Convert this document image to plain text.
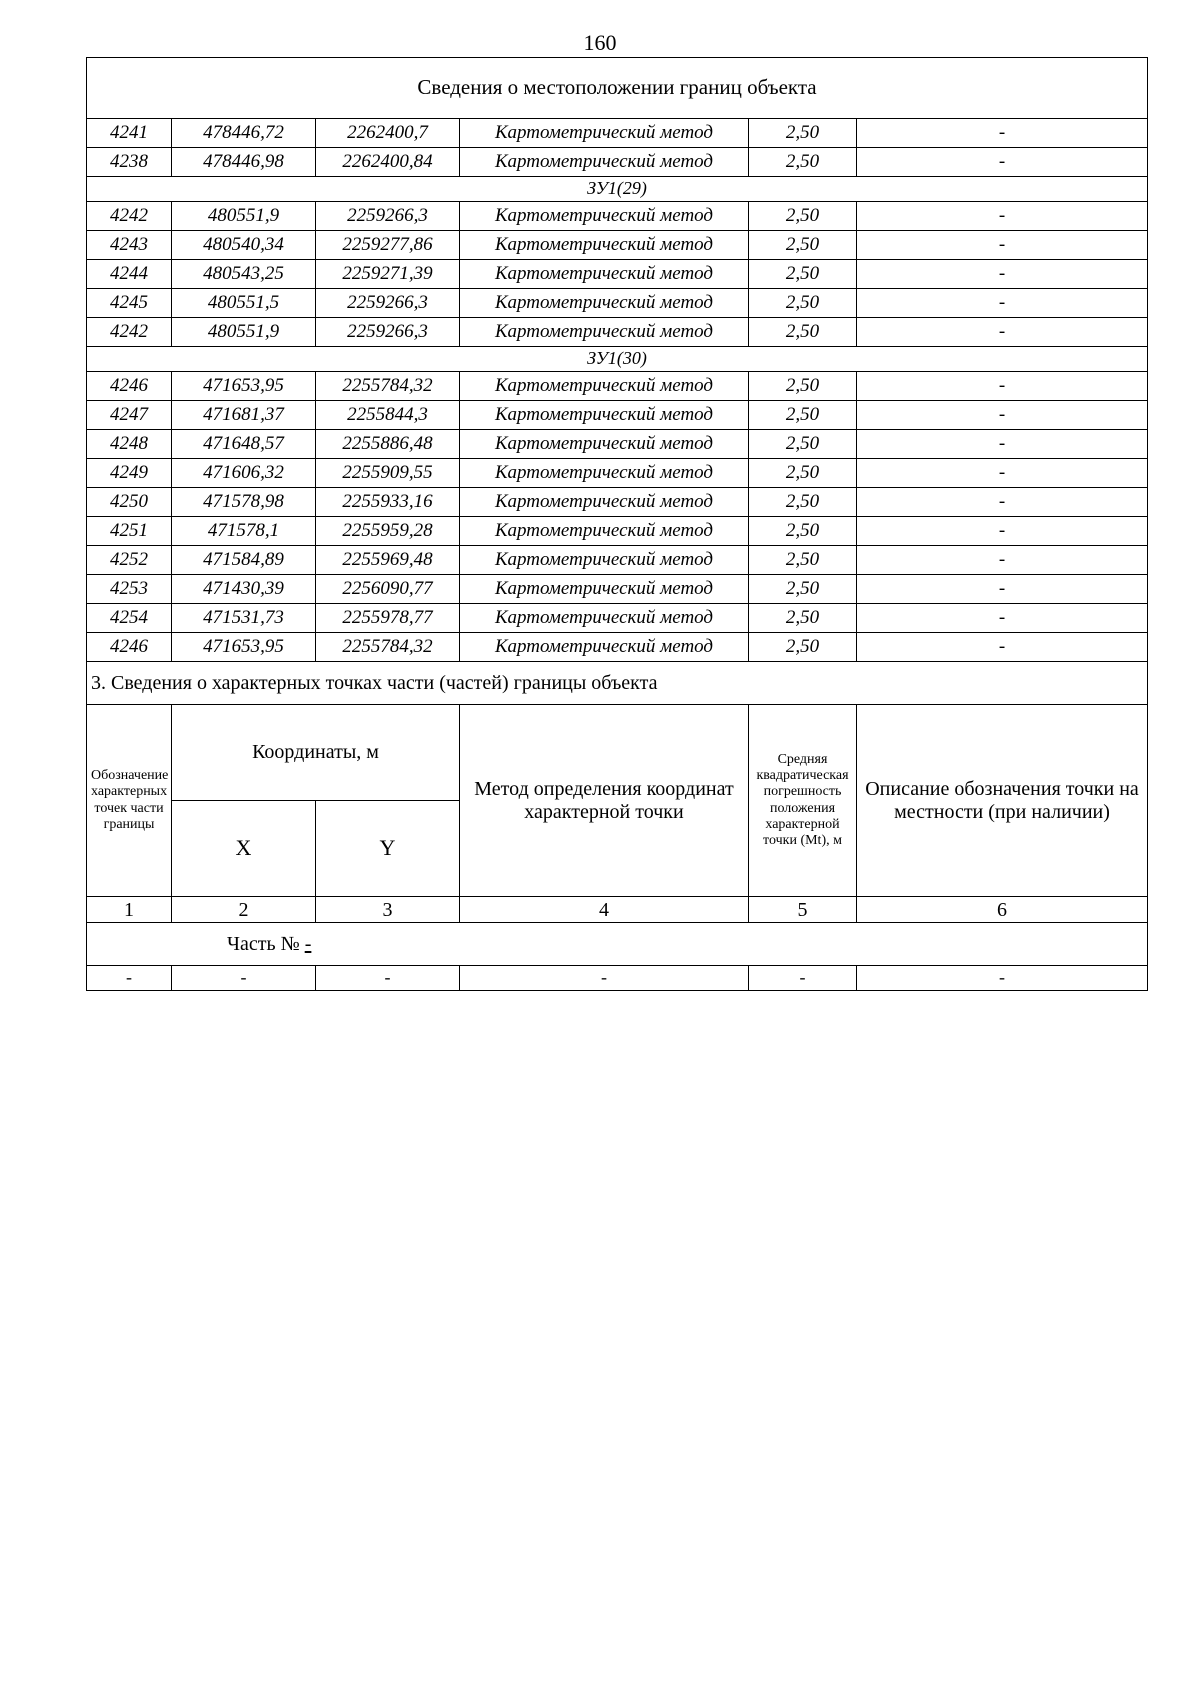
160
Сведения о местоположении границ объекта					
4241	478446,72	2262400,7	Картометрический метод	2,50	-
4238	478446,98	2262400,84	Картометрический метод	2,50	-
ЗУ1(29)					
4242	480551,9	2259266,3	Картометрический метод	2,50	-
4243	480540,34	2259277,86	Картометрический метод	2,50	-
4244	480543,25	2259271,39	Картометрический метод	2,50	-
4245	480551,5	2259266,3	Картометрический метод	2,50	-
4242	480551,9	2259266,3	Картометрический метод	2,50	-
ЗУ1(30)					
4246	471653,95	2255784,32	Картометрический метод	2,50	-
4247	471681,37	2255844,3	Картометрический метод	2,50	-
4248	471648,57	2255886,48	Картометрический метод	2,50	-
4249	471606,32	2255909,55	Картометрический метод	2,50	-
4250	471578,98	2255933,16	Картометрический метод	2,50	-
4251	471578,1	2255959,28	Картометрический метод	2,50	-
4252	471584,89	2255969,48	Картометрический метод	2,50	-
4253	471430,39	2256090,77	Картометрический метод	2,50	-
4254	471531,73	2255978,77	Картометрический метод	2,50	-
4246	471653,95	2255784,32	Картометрический метод	2,50	-
3. Сведения о характерных точках части (частей) границы объекта					
Обозначение характерных точек части границы	Координаты, м		Метод определения координат характерной точки	Средняя квадратическая погрешность положения характерной точки (Mt), м	Описание обозначения точки на местности (при наличии)
	X	Y			
1	2	3	4	5	6
Часть № -					
-	-	-	-	-	-
